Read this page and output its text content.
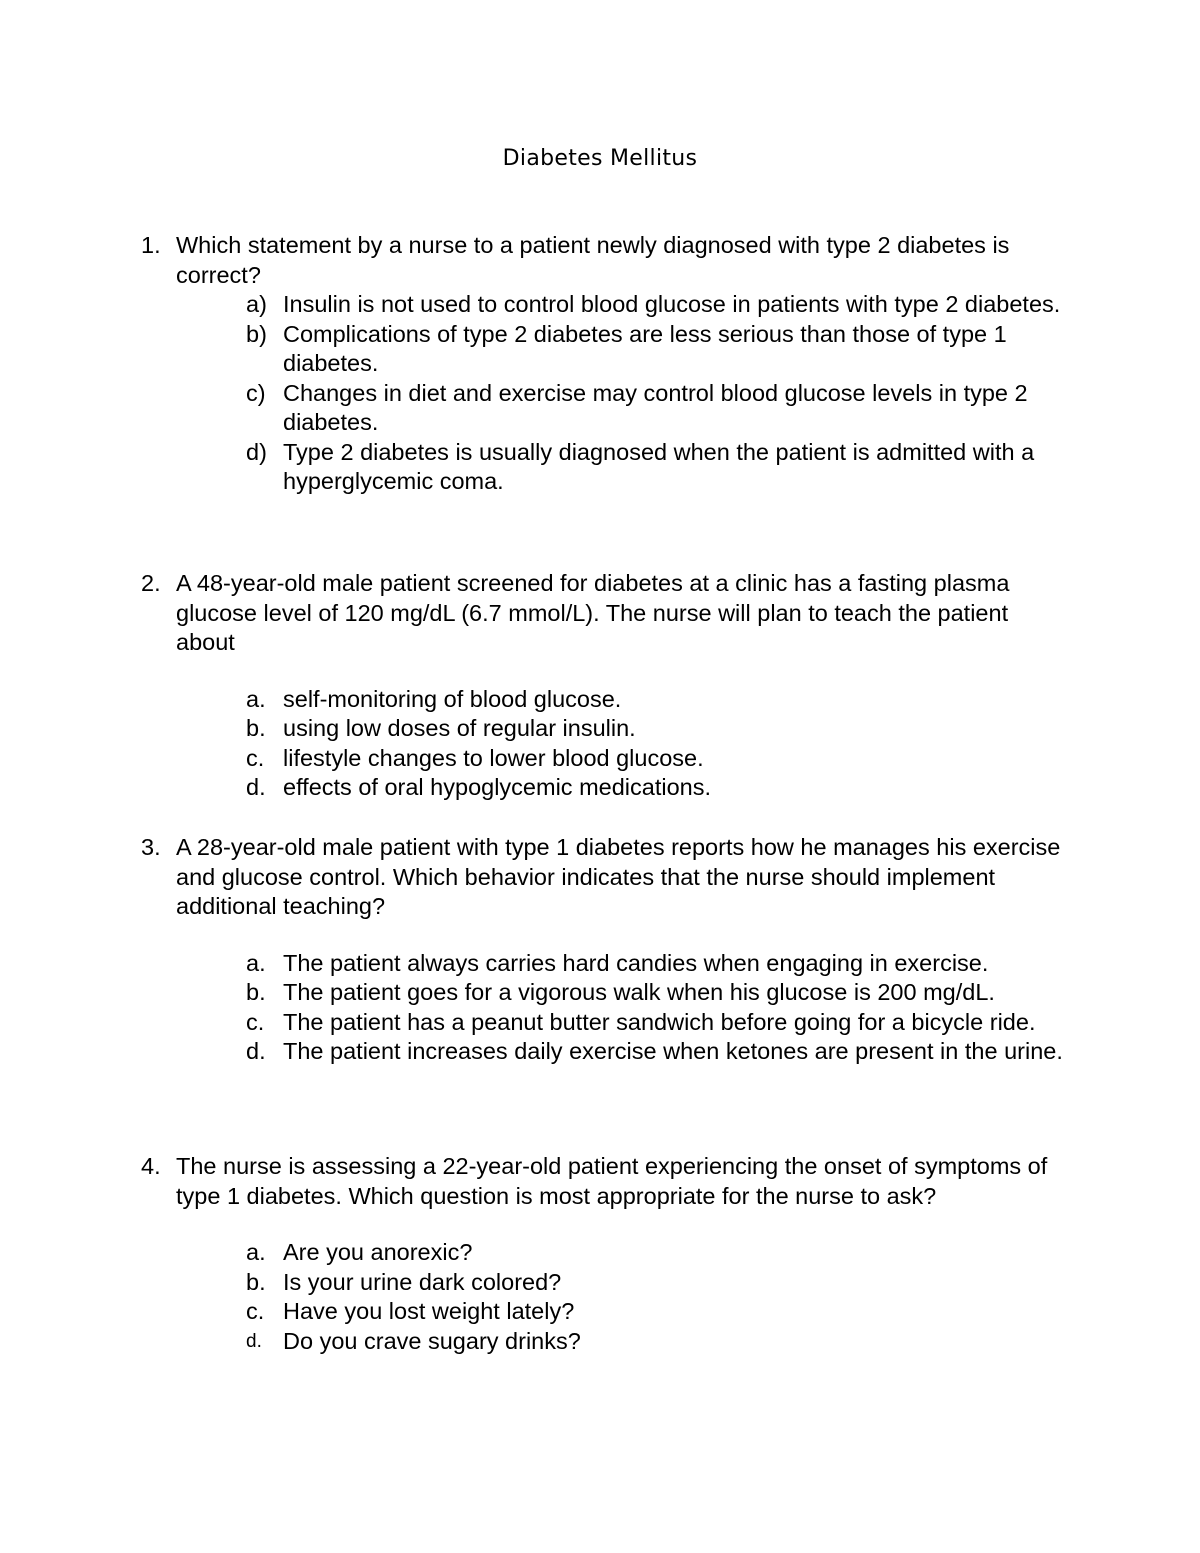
Diabetes Mellitus
1. Which statement by a nurse to a patient newly diagnosed with type 2 diabetes is correct?
a) Insulin is not used to control blood glucose in patients with type 2 diabetes.
b) Complications of type 2 diabetes are less serious than those of type 1 diabetes.
c) Changes in diet and exercise may control blood glucose levels in type 2 diabetes.
d) Type 2 diabetes is usually diagnosed when the patient is admitted with a hyperglycemic coma.
2. A 48-year-old male patient screened for diabetes at a clinic has a fasting plasma glucose level of 120 mg/dL (6.7 mmol/L). The nurse will plan to teach the patient about
a. self-monitoring of blood glucose.
b. using low doses of regular insulin.
c. lifestyle changes to lower blood glucose.
d. effects of oral hypoglycemic medications.
3. A 28-year-old male patient with type 1 diabetes reports how he manages his exercise and glucose control. Which behavior indicates that the nurse should implement additional teaching?
a. The patient always carries hard candies when engaging in exercise.
b. The patient goes for a vigorous walk when his glucose is 200 mg/dL.
c. The patient has a peanut butter sandwich before going for a bicycle ride.
d. The patient increases daily exercise when ketones are present in the urine.
4. The nurse is assessing a 22-year-old patient experiencing the onset of symptoms of type 1 diabetes. Which question is most appropriate for the nurse to ask?
a. Are you anorexic?
b. Is your urine dark colored?
c. Have you lost weight lately?
d. Do you crave sugary drinks?
